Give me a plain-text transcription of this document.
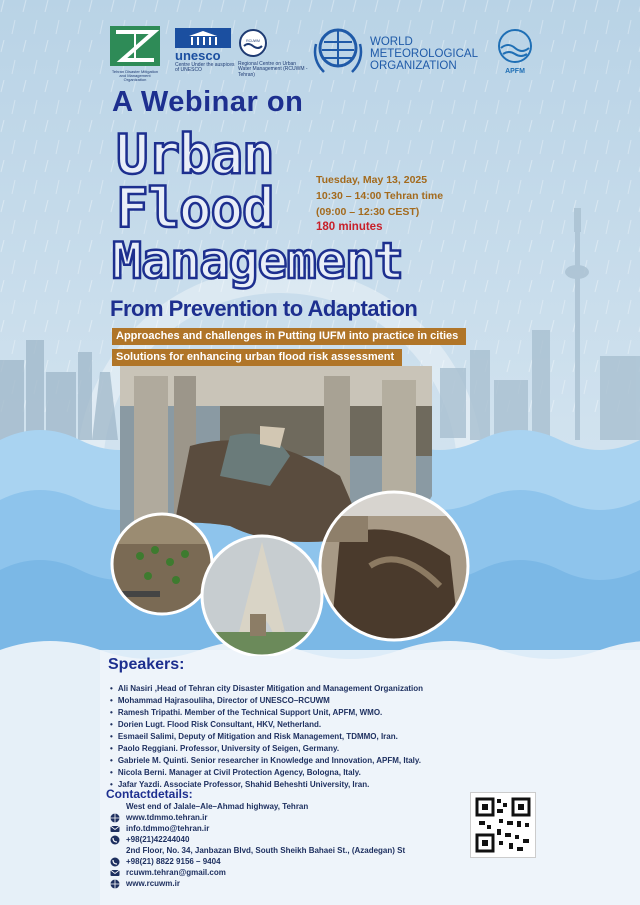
Tehran Disaster Mitigation and Management Organization
unesco
Centre Under the auspices of UNESCO
RCUWM
Regional Centre on Urban Water Management (RCUWM - Tehran)
WORLD
METEOROLOGICAL
ORGANIZATION	APFM
A Webinar on
Urban
Flood
Management
Tuesday, May 13, 2025
10:30 – 14:00 Tehran time
(09:00 – 12:30 CEST)
180 minutes
From Prevention to Adaptation
Approaches and challenges in Putting IUFM into practice in cities
Solutions for enhancing urban flood risk assessment
Speakers:
• Ali Nasiri ,Head of Tehran city Disaster Mitigation and Management Organization
• Mohammad Hajrasouliha, Director of UNESCO–RCUWM
• Ramesh Tripathi. Member of the Technical Support Unit, APFM, WMO.
• Dorien Lugt. Flood Risk Consultant, HKV, Netherland.
• Esmaeil Salimi, Deputy of Mitigation and Risk Management, TDMMO, Iran.
• Paolo Reggiani. Professor, University of Seigen, Germany.
• Gabriele M. Quinti. Senior researcher in Knowledge and Innovation, APFM, Italy.
• Nicola Berni. Manager at Civil Protection Agency, Bologna, Italy.
• Jafar Yazdi. Associate Professor, Shahid Beheshti University, Iran.
Contactdetails:
West end of Jalale–Ale–Ahmad highway, Tehran
www.tdmmo.tehran.ir
info.tdmmo@tehran.ir
+98(21)42244040
2nd Floor, No. 34, Janbazan Blvd, South Sheikh Bahaei St., (Azadegan) St
+98(21) 8822 9156 – 9404
rcuwm.tehran@gmail.com
www.rcuwm.ir
